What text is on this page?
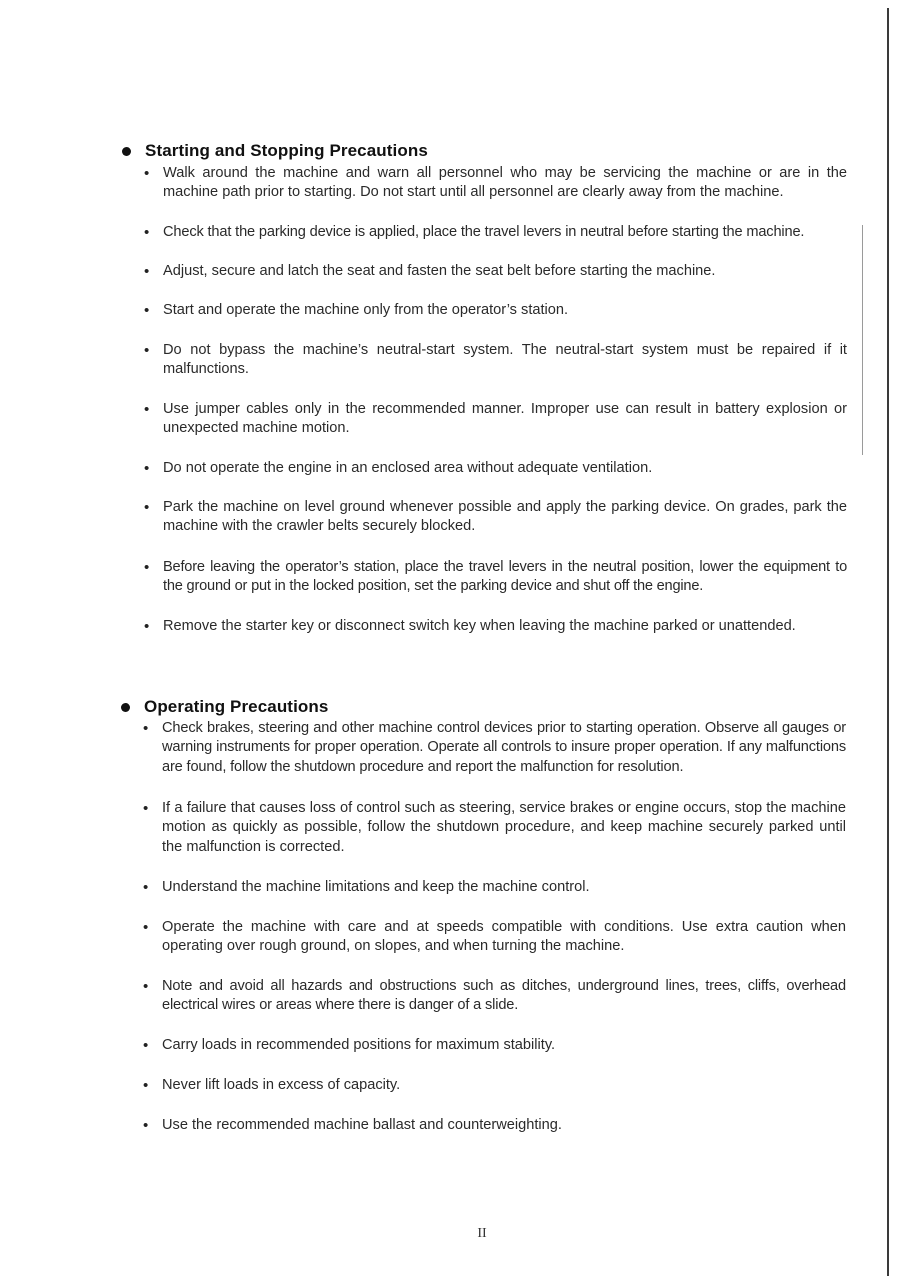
Starting and Stopping Precautions
• Walk around the machine and warn all personnel who may be servicing the machine or are in the machine path prior to starting. Do not start until all personnel are clearly away from the machine.
• Check that the parking device is applied, place the travel levers in neutral before starting the machine.
• Adjust, secure and latch the seat and fasten the seat belt before starting the machine.
• Start and operate the machine only from the operator’s station.
• Do not bypass the machine’s neutral-start system. The neutral-start system must be repaired if it malfunctions.
• Use jumper cables only in the recommended manner. Improper use can result in battery explosion or unexpected machine motion.
• Do not operate the engine in an enclosed area without adequate ventilation.
• Park the machine on level ground whenever possible and apply the parking device. On grades, park the machine with the crawler belts securely blocked.
• Before leaving the operator’s station, place the travel levers in the neutral position, lower the equipment to the ground or put in the locked position, set the parking device and shut off the engine.
• Remove the starter key or disconnect switch key when leaving the machine parked or unattended.
Operating Precautions
• Check brakes, steering and other machine control devices prior to starting operation. Observe all gauges or warning instruments for proper operation. Operate all controls to insure proper operation. If any malfunctions are found, follow the shutdown procedure and report the malfunction for resolution.
• If a failure that causes loss of control such as steering, service brakes or engine occurs, stop the machine motion as quickly as possible, follow the shutdown procedure, and keep machine securely parked until the malfunction is corrected.
• Understand the machine limitations and keep the machine control.
• Operate the machine with care and at speeds compatible with conditions. Use extra caution when operating over rough ground, on slopes, and when turning the machine.
• Note and avoid all hazards and obstructions such as ditches, underground lines, trees, cliffs, overhead electrical wires or areas where there is danger of a slide.
• Carry loads in recommended positions for maximum stability.
• Never lift loads in excess of capacity.
• Use the recommended machine ballast and counterweighting.
II
